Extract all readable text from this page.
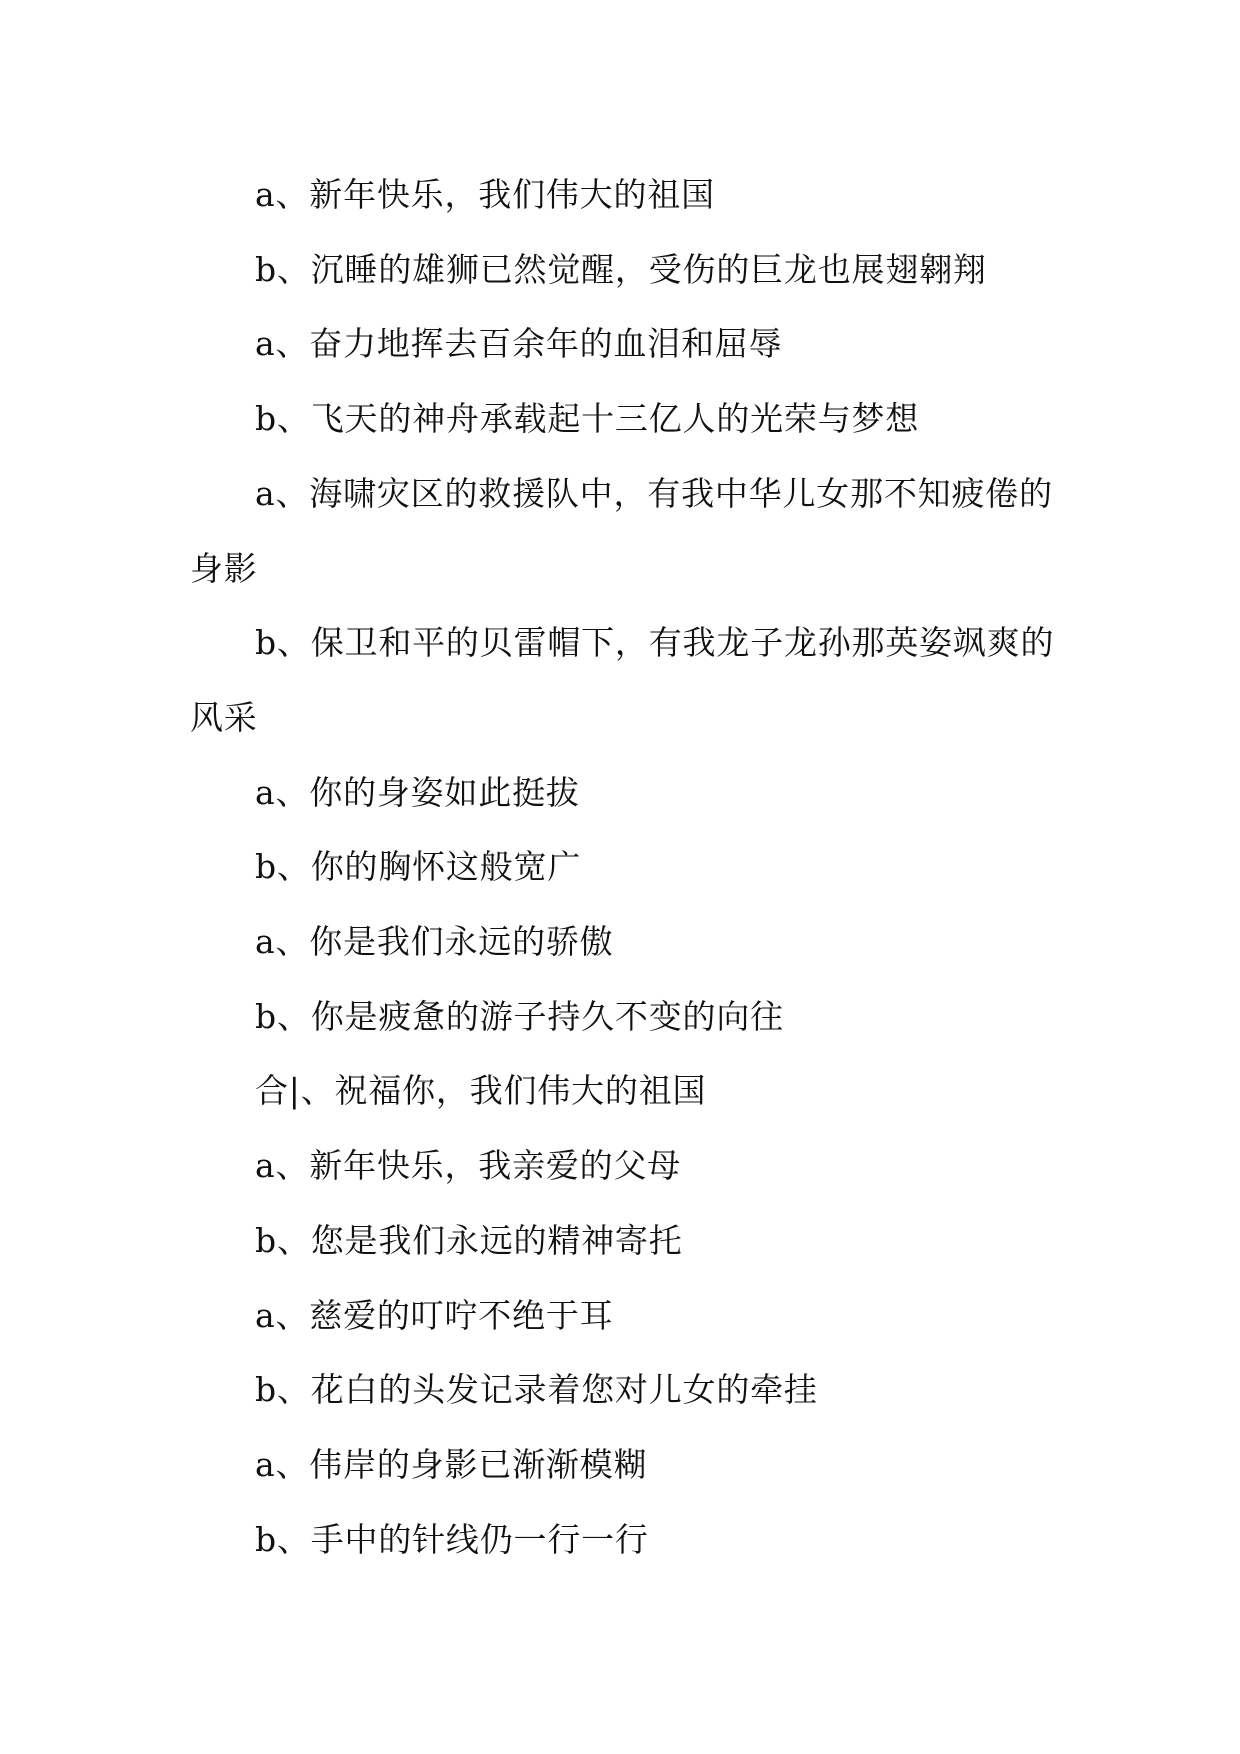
a、新年快乐，我们伟大的祖国
b、沉睡的雄狮已然觉醒，受伤的巨龙也展翅翱翔
a、奋力地挥去百余年的血泪和屈辱
b、飞天的神舟承载起十三亿人的光荣与梦想
a、海啸灾区的救援队中，有我中华儿女那不知疲倦的
身影
b、保卫和平的贝雷帽下，有我龙子龙孙那英姿飒爽的
风采
a、你的身姿如此挺拔
b、你的胸怀这般宽广
a、你是我们永远的骄傲
b、你是疲惫的游子持久不变的向往
合|、祝福你，我们伟大的祖国
a、新年快乐，我亲爱的父母
b、您是我们永远的精神寄托
a、慈爱的叮咛不绝于耳
b、花白的头发记录着您对儿女的牵挂
a、伟岸的身影已渐渐模糊
b、手中的针线仍一行一行
